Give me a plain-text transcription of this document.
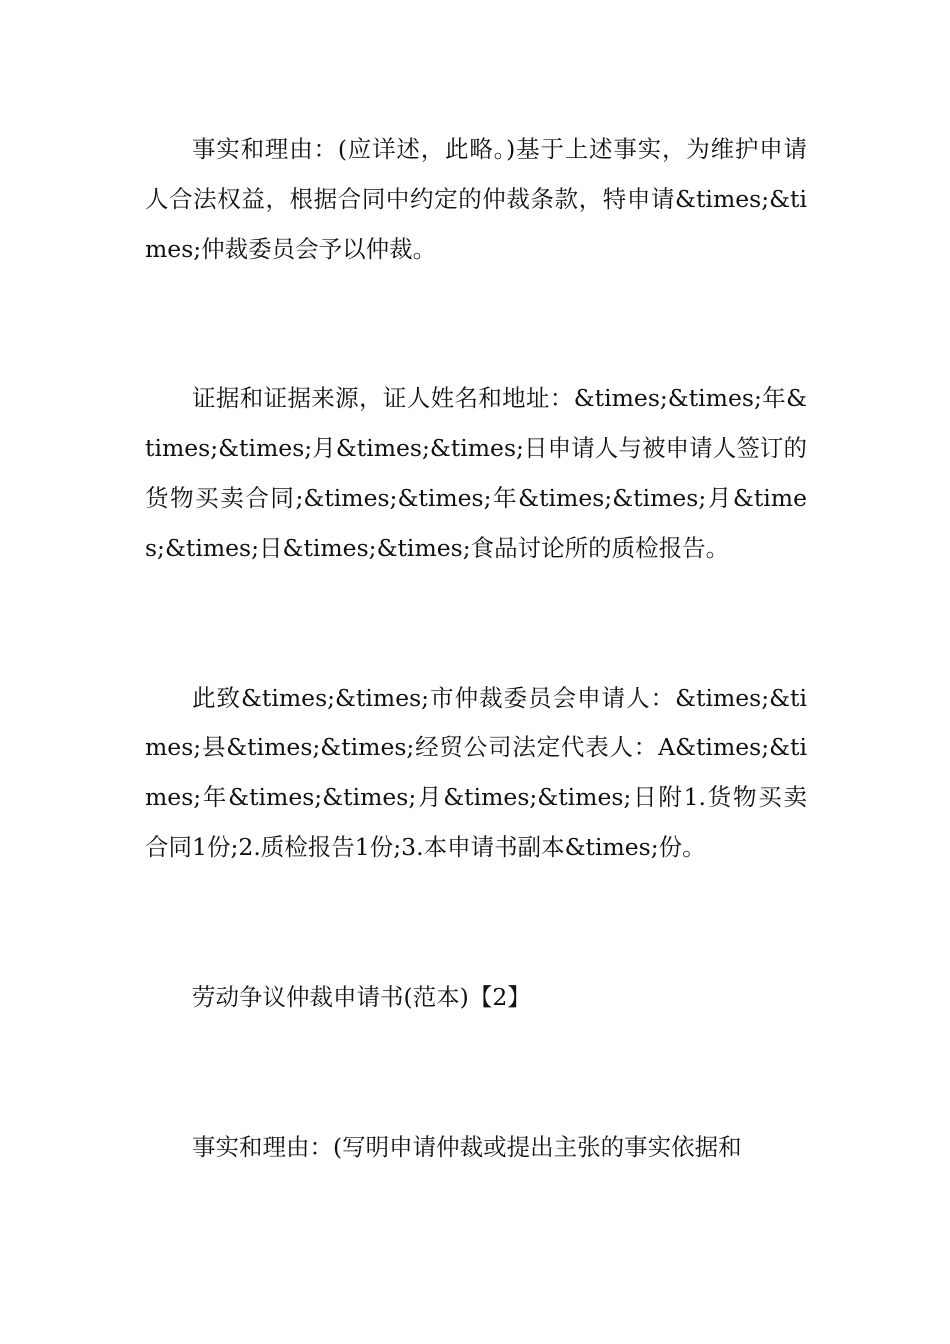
事实和理由：(应详述，此略。)基于上述事实，为维护申请人合法权益，根据合同中约定的仲裁条款，特申请&times;&times;仲裁委员会予以仲裁。

证据和证据来源，证人姓名和地址：&times;&times;年&times;&times;月&times;&times;日申请人与被申请人签订的货物买卖合同;&times;&times;年&times;&times;月&times;&times;日&times;&times;食品讨论所的质检报告。

此致&times;&times;市仲裁委员会申请人：&times;&times;县&times;&times;经贸公司法定代表人：A&times;&times;年&times;&times;月&times;&times;日附1.货物买卖合同1份;2.质检报告1份;3.本申请书副本&times;份。

劳动争议仲裁申请书(范本)【2】

事实和理由：(写明申请仲裁或提出主张的事实依据和
